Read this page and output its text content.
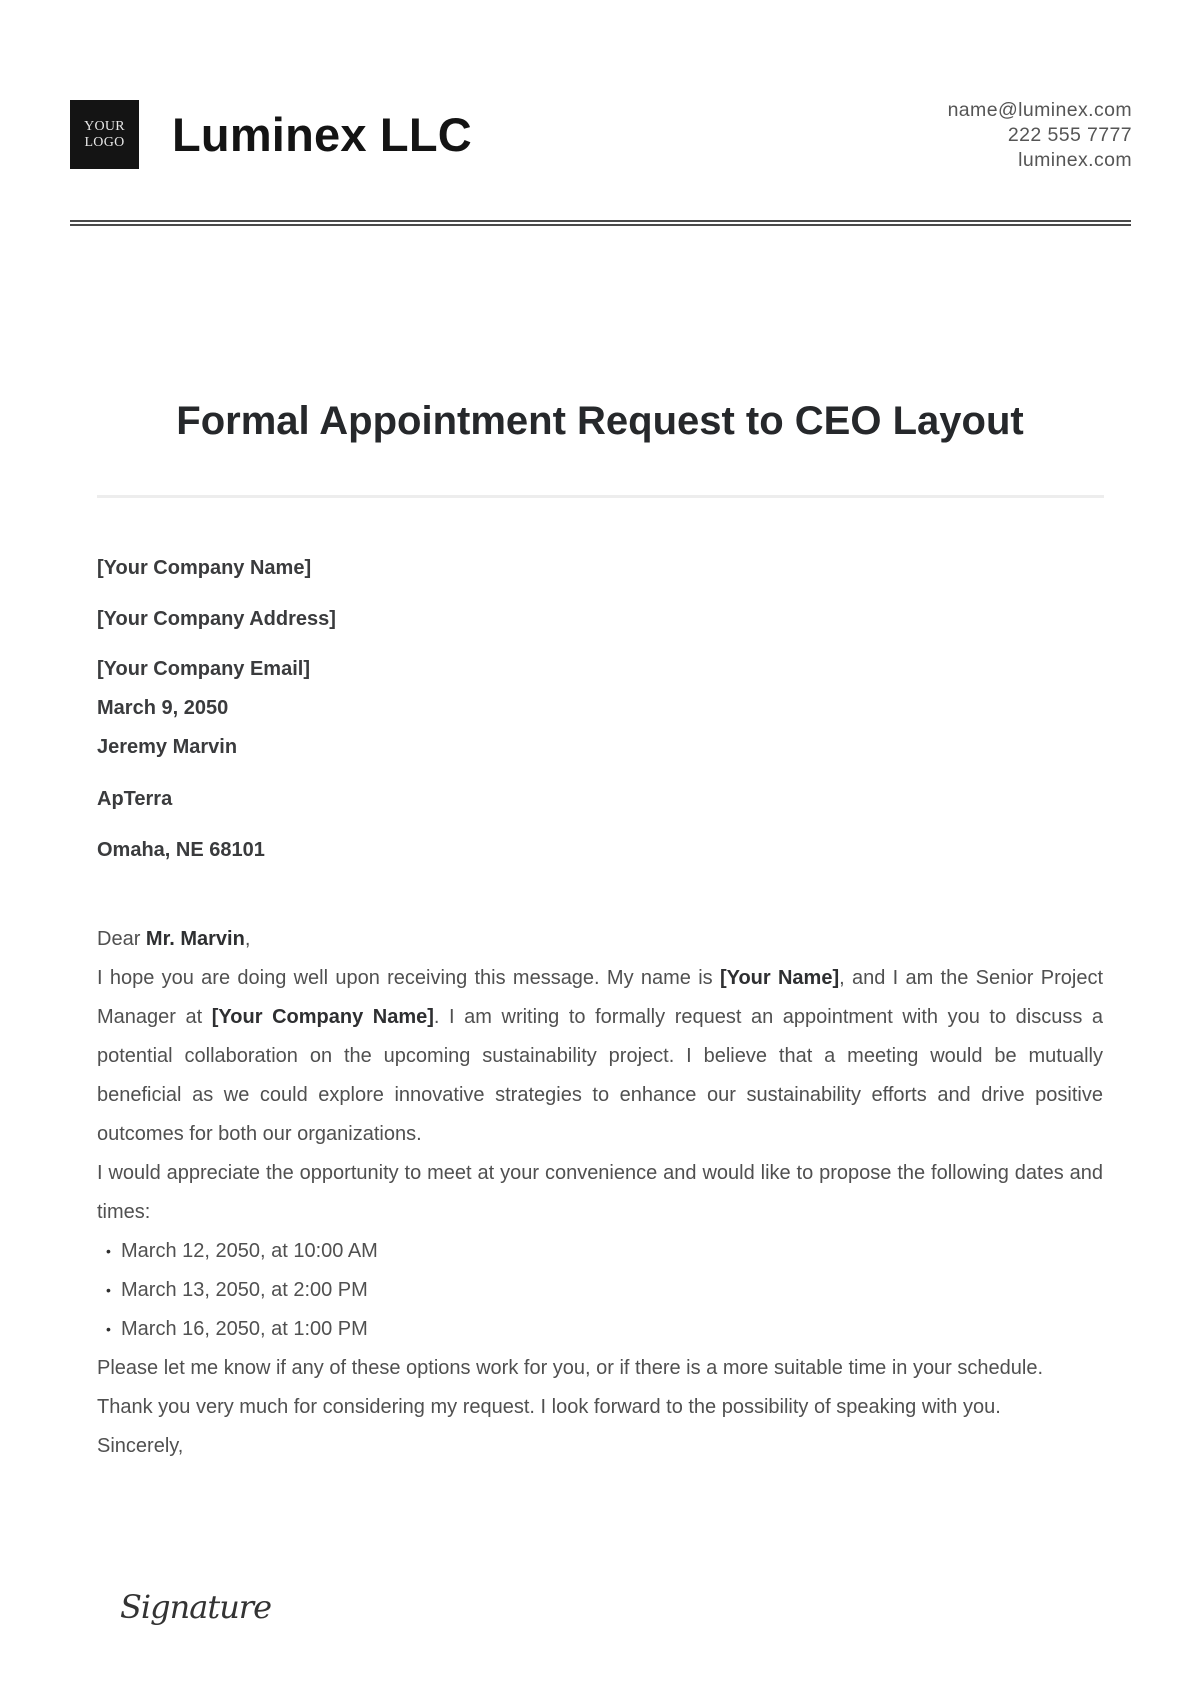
YOUR
LOGO Luminex LLC	name@luminex.com
222 555 7777
luminex.com
Formal Appointment Request to CEO Layout
[Your Company Name]
[Your Company Address]
[Your Company Email]
March 9, 2050
Jeremy Marvin
ApTerra
Omaha, NE 68101

Dear Mr. Marvin,

I hope you are doing well upon receiving this message. My name is [Your Name], and I am the Senior Project Manager at [Your Company Name]. I am writing to formally request an appointment with you to discuss a potential collaboration on the upcoming sustainability project. I believe that a meeting would be mutually beneficial as we could explore innovative strategies to enhance our sustainability efforts and drive positive outcomes for both our organizations.

I would appreciate the opportunity to meet at your convenience and would like to propose the following dates and times:

• March 12, 2050, at 10:00 AM
• March 13, 2050, at 2:00 PM
• March 16, 2050, at 1:00 PM

Please let me know if any of these options work for you, or if there is a more suitable time in your schedule.

Thank you very much for considering my request. I look forward to the possibility of speaking with you.

Sincerely,

Signature
